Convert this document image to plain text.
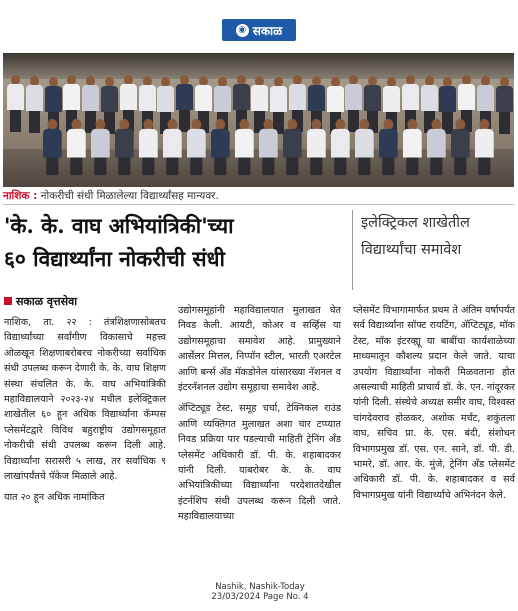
◉ सकाळ
नाशिक : नोकरीची संधी मिळालेल्या विद्यार्थ्यांसह मान्यवर.
'के. के. वाघ अभियांत्रिकी'च्या
६० विद्यार्थ्यांना नोकरीची संधी
इलेक्ट्रिकल शाखेतील
विद्यार्थ्यांचा समावेश
सकाळ वृत्तसेवा

नाशिक, ता. २२ : तंत्रशिक्षणासोबतच विद्यार्थ्यांच्या सर्वांगीण विकासाचे महत्त्व ओळखून शिक्षणाबरोबरच नोकरीच्या सर्वाधिक संधी उपलब्ध करून देणारी के. के. वाघ शिक्षण संस्था संचलित के. के. वाघ अभियांत्रिकी महाविद्यालयाने २०२३-२४ मधील इलेक्ट्रिकल शाखेतील ६० हून अधिक विद्यार्थ्यांना कॅम्पस प्लेसमेंटद्वारे विविध बहुराष्ट्रीय उद्योगसमूहात नोकरीची संधी उपलब्ध करून दिली आहे. विद्यार्थ्यांना सरासरी ५ लाख, तर सर्वाधिक ९ लाखांपर्यंतचे पॅकेज मिळाले आहे.

यात २० हून अधिक नामांकित

उद्योगसमूहांनी महाविद्यालयात मुलाखत घेत निवड केली. आयटी, कोअर व सर्व्हिस या उद्योगसमूहाचा समावेश आहे. प्रामुख्याने आर्सेलर मित्तल, निप्पॉन स्टील, भारती एअरटेल आणि बर्न्स अँड मॅकडोनेल यांसारख्या नॅशनल व इंटरनॅशनल उद्योग समूहाचा समावेश आहे.

ॲप्टिट्यूड टेस्ट, समूह चर्चा, टेक्निकल राउंड आणि व्यक्तिगत मुलाखत अशा चार टप्प्यात निवड प्रक्रिया पार पडल्याची माहिती ट्रेनिंग अँड प्लेसमेंट अधिकारी डॉ. पी. के. शहाबादकर यांनी दिली. याबरोबर के. के. वाघ अभियांत्रिकीच्या विद्यार्थ्यांना परदेशातदेखील इंटर्नशिप संधी उपलब्ध करून दिली जाते. महाविद्यालयाच्या

प्लेसमेंट विभागामार्फत प्रथम ते अंतिम वर्षापर्यंत सर्व विद्यार्थ्यांना सॉफ्ट रायटिंग, ॲप्टिट्यूड, मॉक टेस्ट, मॉक इंटरव्ह्यू या बाबींचा कार्यशाळेच्या माध्यमातून कौशल्य प्रदान केले जाते. याचा उपयोग विद्यार्थ्यांना नोकरी मिळवताना होत असल्याची माहिती प्राचार्य डॉ. के. एन. नांदूरकर यांनी दिली. संस्थेचे अध्यक्ष समीर वाघ, विश्वस्त चांगदेवराव होळकर, अशोक मर्चंट, शकुंतला वाघ, सचिव प्रा. के. एस. बंदी, संशोधन विभागप्रमुख डॉ. एस. एन. साने, डॉ. पी. डी. भामरे, डॉ. आर. के. मुंजे, ट्रेनिंग अँड प्लेसमेंट अधिकारी डॉ. पी. के. शहाबादकर व सर्व विभागप्रमुख यांनी विद्यार्थ्यांचे अभिनंदन केले.

Nashik, Nashik-Today
23/03/2024 Page No. 4
